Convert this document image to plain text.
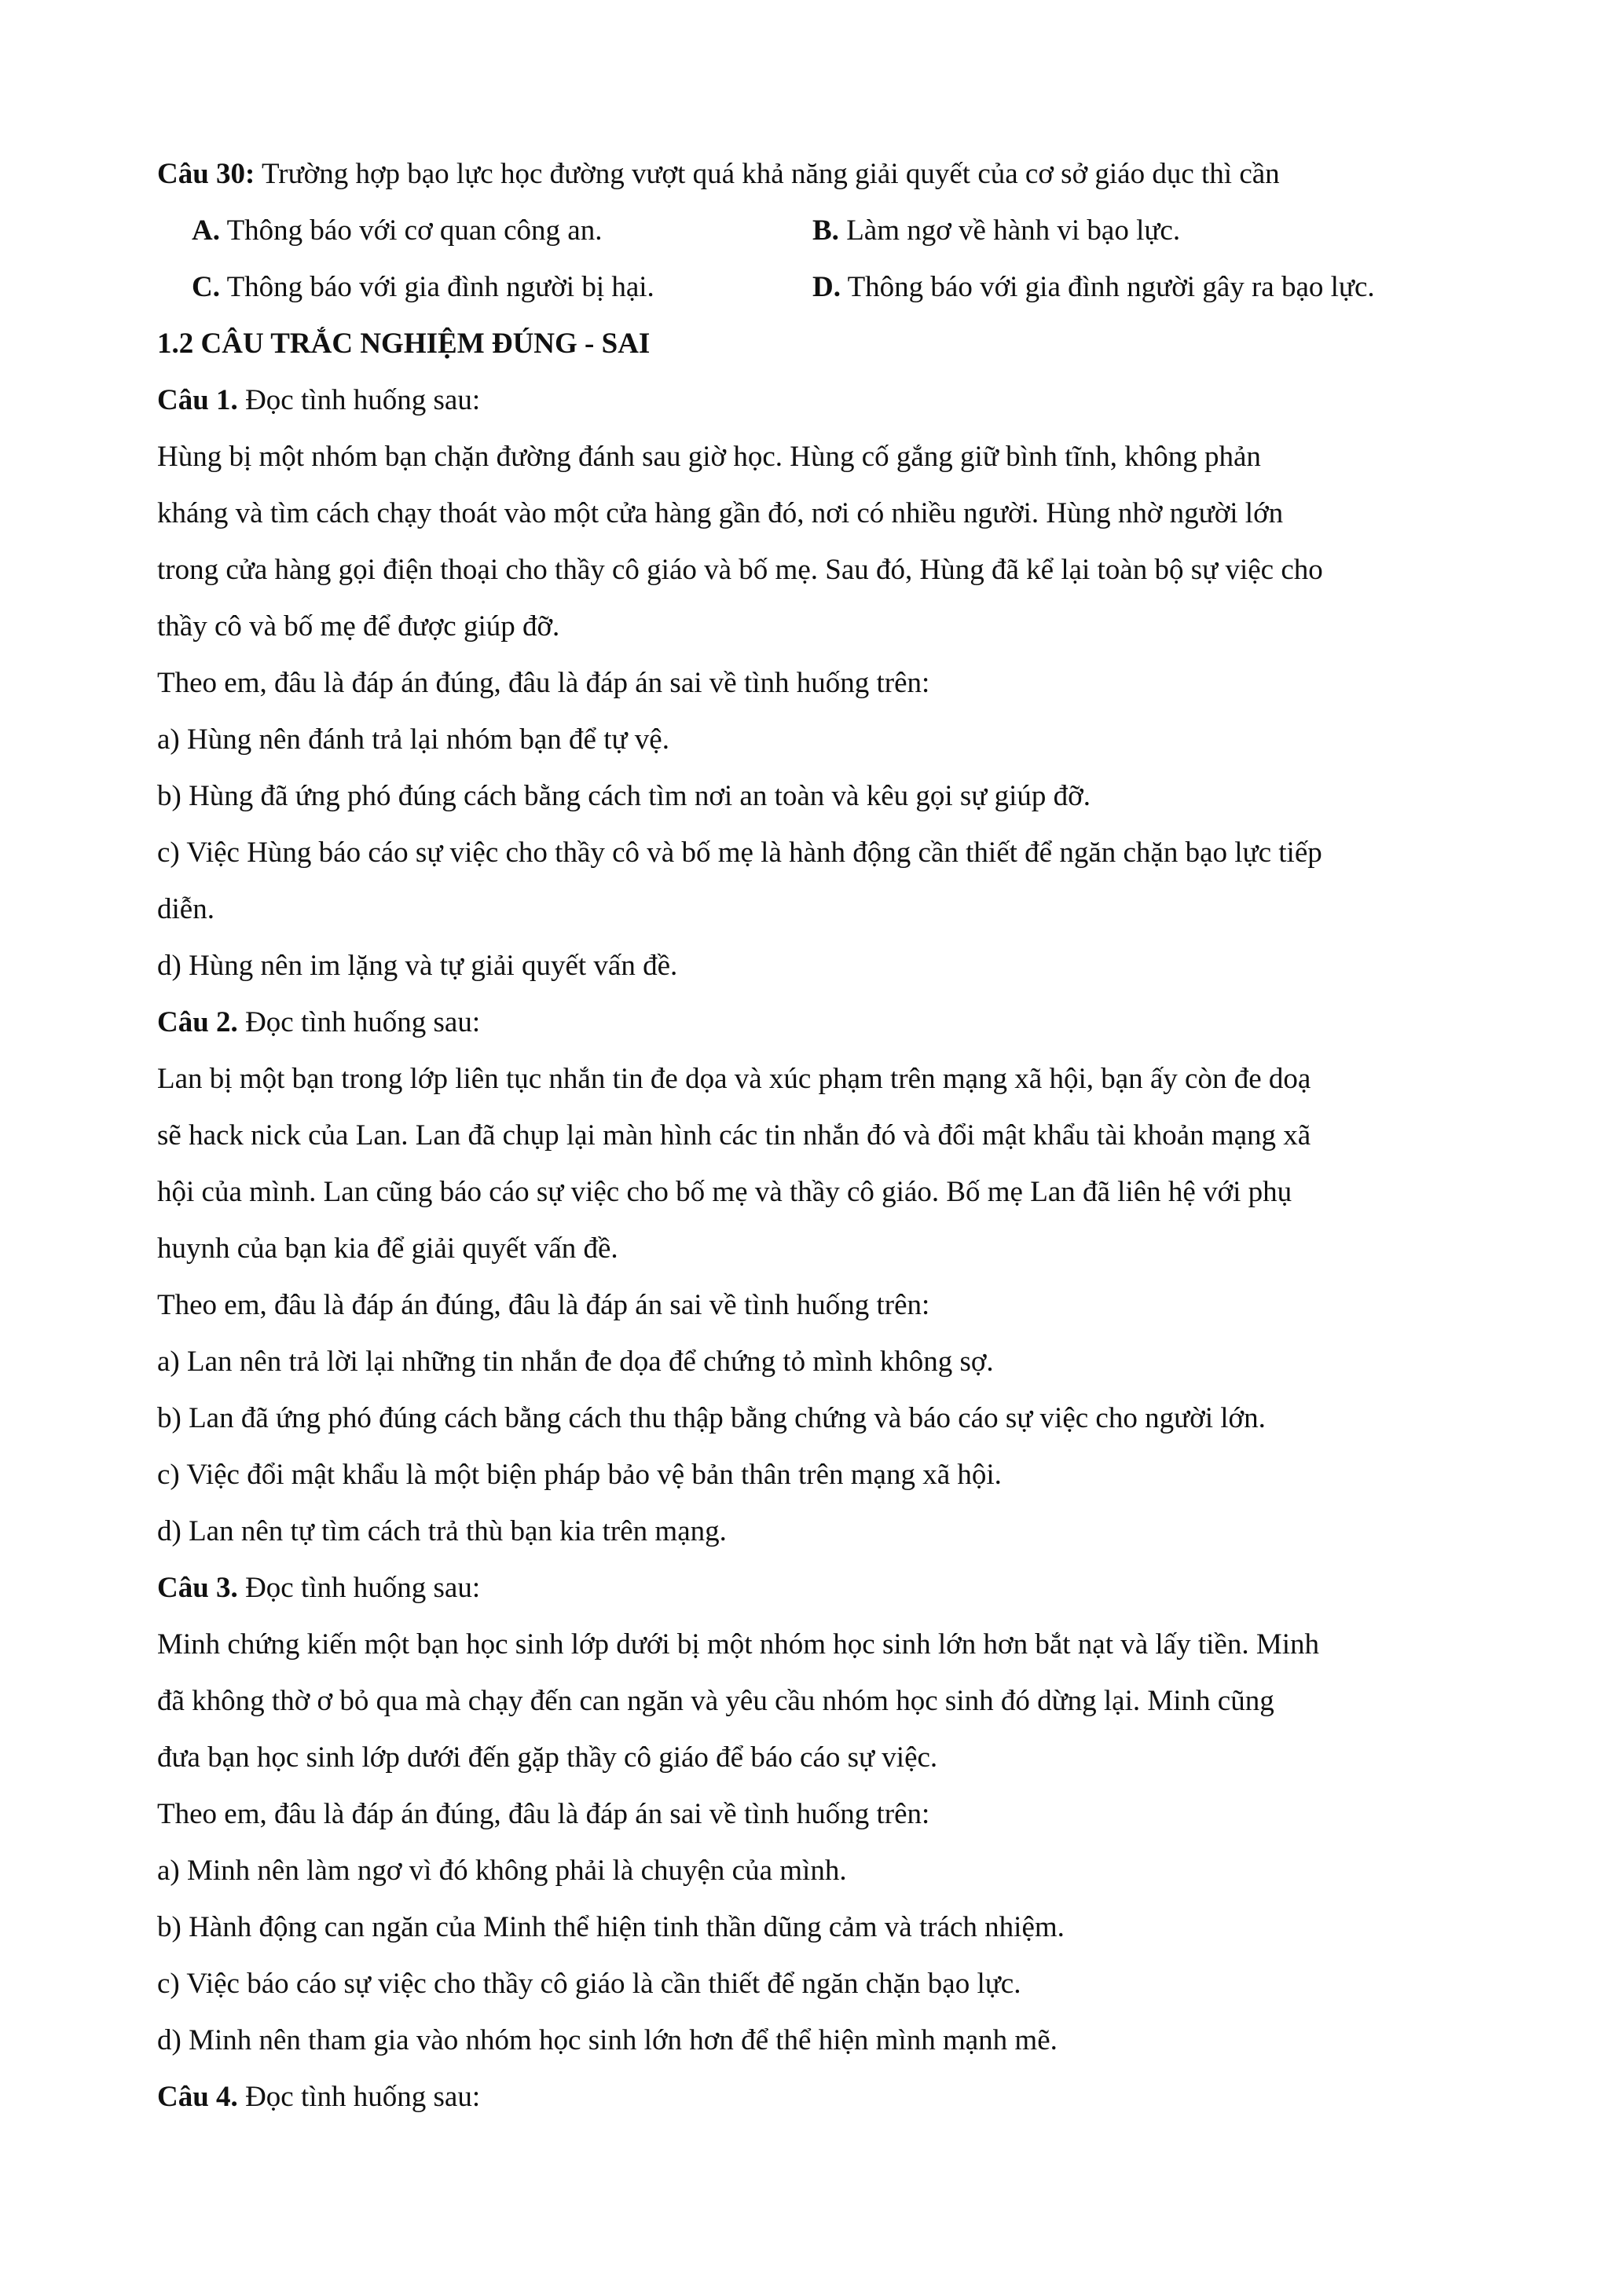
Câu 30: Trường hợp bạo lực học đường vượt quá khả năng giải quyết của cơ sở giáo dục thì cần
A. Thông báo với cơ quan công an.	B. Làm ngơ về hành vi bạo lực.
C. Thông báo với gia đình người bị hại.	D. Thông báo với gia đình người gây ra bạo lực.
1.2 CÂU TRẮC NGHIỆM ĐÚNG - SAI
Câu 1. Đọc tình huống sau:
Hùng bị một nhóm bạn chặn đường đánh sau giờ học. Hùng cố gắng giữ bình tĩnh, không phản
kháng và tìm cách chạy thoát vào một cửa hàng gần đó, nơi có nhiều người. Hùng nhờ người lớn
trong cửa hàng gọi điện thoại cho thầy cô giáo và bố mẹ. Sau đó, Hùng đã kể lại toàn bộ sự việc cho
thầy cô và bố mẹ để được giúp đỡ.
Theo em, đâu là đáp án đúng, đâu là đáp án sai về tình huống trên:
a) Hùng nên đánh trả lại nhóm bạn để tự vệ.
b) Hùng đã ứng phó đúng cách bằng cách tìm nơi an toàn và kêu gọi sự giúp đỡ.
c) Việc Hùng báo cáo sự việc cho thầy cô và bố mẹ là hành động cần thiết để ngăn chặn bạo lực tiếp
diễn.
d) Hùng nên im lặng và tự giải quyết vấn đề.
Câu 2. Đọc tình huống sau:
Lan bị một bạn trong lớp liên tục nhắn tin đe dọa và xúc phạm trên mạng xã hội, bạn ấy còn đe doạ
sẽ hack nick của Lan. Lan đã chụp lại màn hình các tin nhắn đó và đổi mật khẩu tài khoản mạng xã
hội của mình. Lan cũng báo cáo sự việc cho bố mẹ và thầy cô giáo. Bố mẹ Lan đã liên hệ với phụ
huynh của bạn kia để giải quyết vấn đề.
Theo em, đâu là đáp án đúng, đâu là đáp án sai về tình huống trên:
a) Lan nên trả lời lại những tin nhắn đe dọa để chứng tỏ mình không sợ.
b) Lan đã ứng phó đúng cách bằng cách thu thập bằng chứng và báo cáo sự việc cho người lớn.
c) Việc đổi mật khẩu là một biện pháp bảo vệ bản thân trên mạng xã hội.
d) Lan nên tự tìm cách trả thù bạn kia trên mạng.
Câu 3. Đọc tình huống sau:
Minh chứng kiến một bạn học sinh lớp dưới bị một nhóm học sinh lớn hơn bắt nạt và lấy tiền. Minh
đã không thờ ơ bỏ qua mà chạy đến can ngăn và yêu cầu nhóm học sinh đó dừng lại. Minh cũng
đưa bạn học sinh lớp dưới đến gặp thầy cô giáo để báo cáo sự việc.
Theo em, đâu là đáp án đúng, đâu là đáp án sai về tình huống trên:
a) Minh nên làm ngơ vì đó không phải là chuyện của mình.
b) Hành động can ngăn của Minh thể hiện tinh thần dũng cảm và trách nhiệm.
c) Việc báo cáo sự việc cho thầy cô giáo là cần thiết để ngăn chặn bạo lực.
d) Minh nên tham gia vào nhóm học sinh lớn hơn để thể hiện mình mạnh mẽ.
Câu 4. Đọc tình huống sau:
